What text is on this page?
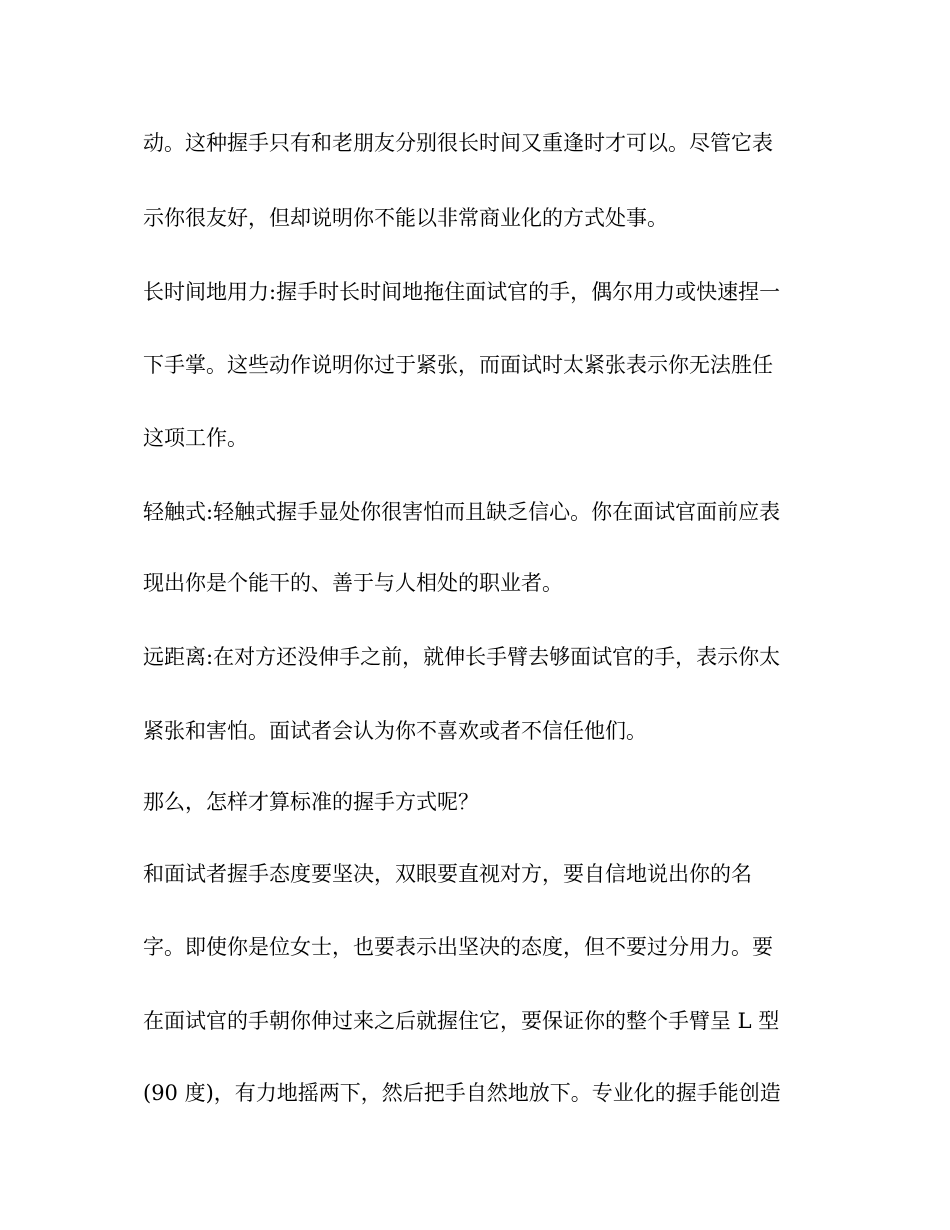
动。这种握手只有和老朋友分别很长时间又重逢时才可以。尽管它表
示你很友好，但却说明你不能以非常商业化的方式处事。
长时间地用力:握手时长时间地拖住面试官的手，偶尔用力或快速捏一
下手掌。这些动作说明你过于紧张，而面试时太紧张表示你无法胜任
这项工作。
轻触式:轻触式握手显处你很害怕而且缺乏信心。你在面试官面前应表
现出你是个能干的、善于与人相处的职业者。
远距离:在对方还没伸手之前，就伸长手臂去够面试官的手，表示你太
紧张和害怕。面试者会认为你不喜欢或者不信任他们。
那么，怎样才算标准的握手方式呢？
和面试者握手态度要坚决，双眼要直视对方，要自信地说出你的名
字。即使你是位女士，也要表示出坚决的态度，但不要过分用力。要
在面试官的手朝你伸过来之后就握住它，要保证你的整个手臂呈 L 型
(90 度)，有力地摇两下，然后把手自然地放下。专业化的握手能创造
